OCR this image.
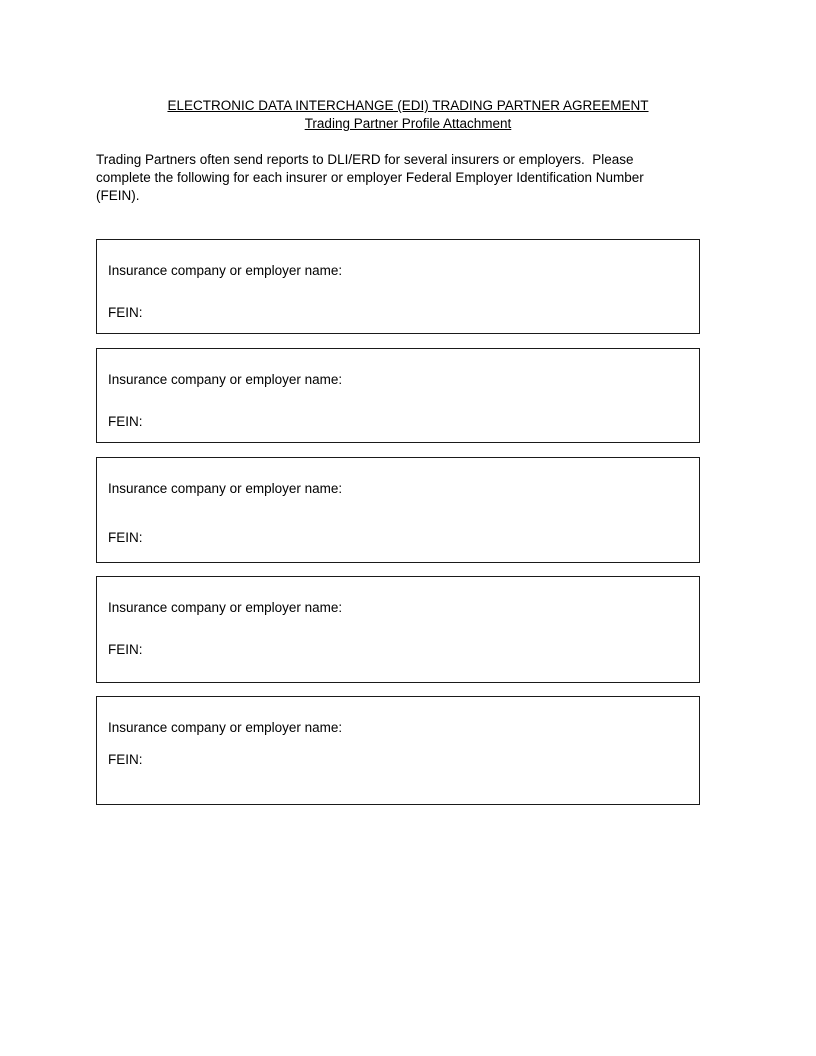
ELECTRONIC DATA INTERCHANGE (EDI) TRADING PARTNER AGREEMENT
Trading Partner Profile Attachment
Trading Partners often send reports to DLI/ERD for several insurers or employers.  Please
complete the following for each insurer or employer Federal Employer Identification Number
(FEIN).
Insurance company or employer name:
FEIN:
Insurance company or employer name:
FEIN:
Insurance company or employer name:
FEIN:
Insurance company or employer name:
FEIN:
Insurance company or employer name:
FEIN:
